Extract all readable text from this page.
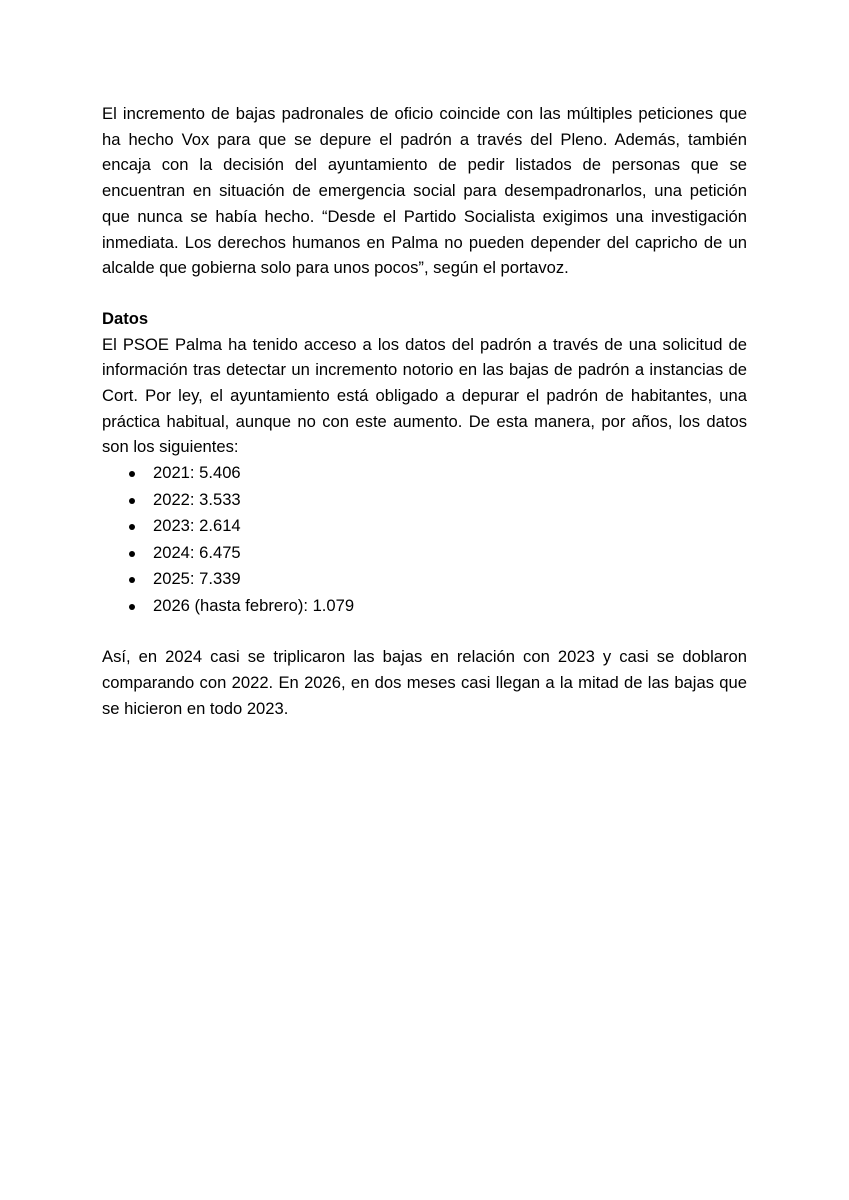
El incremento de bajas padronales de oficio coincide con las múltiples peticiones que ha hecho Vox para que se depure el padrón a través del Pleno. Además, también encaja con la decisión del ayuntamiento de pedir listados de personas que se encuentran en situación de emergencia social para desempadronarlos, una petición que nunca se había hecho. “Desde el Partido Socialista exigimos una investigación inmediata. Los derechos humanos en Palma no pueden depender del capricho de un alcalde que gobierna solo para unos pocos”, según el portavoz.

Datos

El PSOE Palma ha tenido acceso a los datos del padrón a través de una solicitud de información tras detectar un incremento notorio en las bajas de padrón a instancias de Cort. Por ley, el ayuntamiento está obligado a depurar el padrón de habitantes, una práctica habitual, aunque no con este aumento. De esta manera, por años, los datos son los siguientes:

2021: 5.406
2022: 3.533
2023: 2.614
2024: 6.475
2025: 7.339
2026 (hasta febrero): 1.079

Así, en 2024 casi se triplicaron las bajas en relación con 2023 y casi se doblaron comparando con 2022. En 2026, en dos meses casi llegan a la mitad de las bajas que se hicieron en todo 2023.
